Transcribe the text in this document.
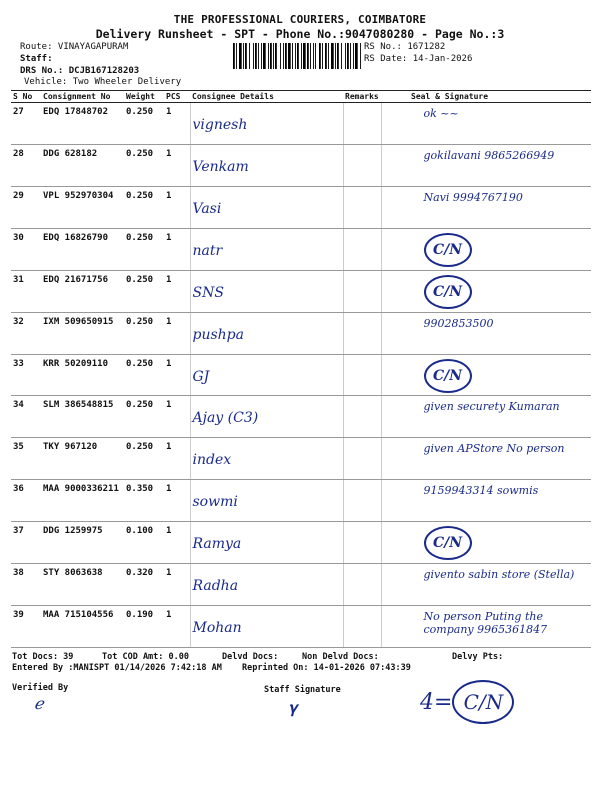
THE PROFESSIONAL COURIERS, COIMBATORE
Delivery Runsheet - SPT - Phone No.:9047080280 - Page No.:3
Route: VINAYAGAPURAM
Staff:
DRS No.: DCJB167128203
Vehicle: Two Wheeler Delivery
RS No.: 1671282
RS Date: 14-Jan-2026
S No	Consignment No	Weight	PCS	Consignee Details	Remarks	Seal & Signature
27	EDQ 17848702	0.250	1	vignesh		ok ~~
28	DDG 628182	0.250	1	Venkam		gokilavani 9865266949
29	VPL 952970304	0.250	1	Vasi		Navi 9994767190
30	EDQ 16826790	0.250	1	natr		C/N
31	EDQ 21671756	0.250	1	SNS		C/N
32	IXM 509650915	0.250	1	pushpa		9902853500
33	KRR 50209110	0.250	1	GJ		C/N
34	SLM 386548815	0.250	1	Ajay (C3)		given securety Kumaran
35	TKY 967120	0.250	1	index		given APStore No person
36	MAA 9000336211	0.350	1	sowmi		9159943314 sowmis
37	DDG 1259975	0.100	1	Ramya		C/N
38	STY 8063638	0.320	1	Radha		givento sabin store (Stella)
39	MAA 715104556	0.190	1	Mohan		No person Puting the company 9965361847
Tot Docs: 39	Tot COD Amt: 0.00	Delvd Docs:	Non Delvd Docs:	Delvy Pts:
Entered By :MANISPT 01/14/2026 7:42:18 AM Reprinted On: 14-01-2026 07:43:39
Verified By	Staff Signature
ℯ	𝛄	4= C/N
